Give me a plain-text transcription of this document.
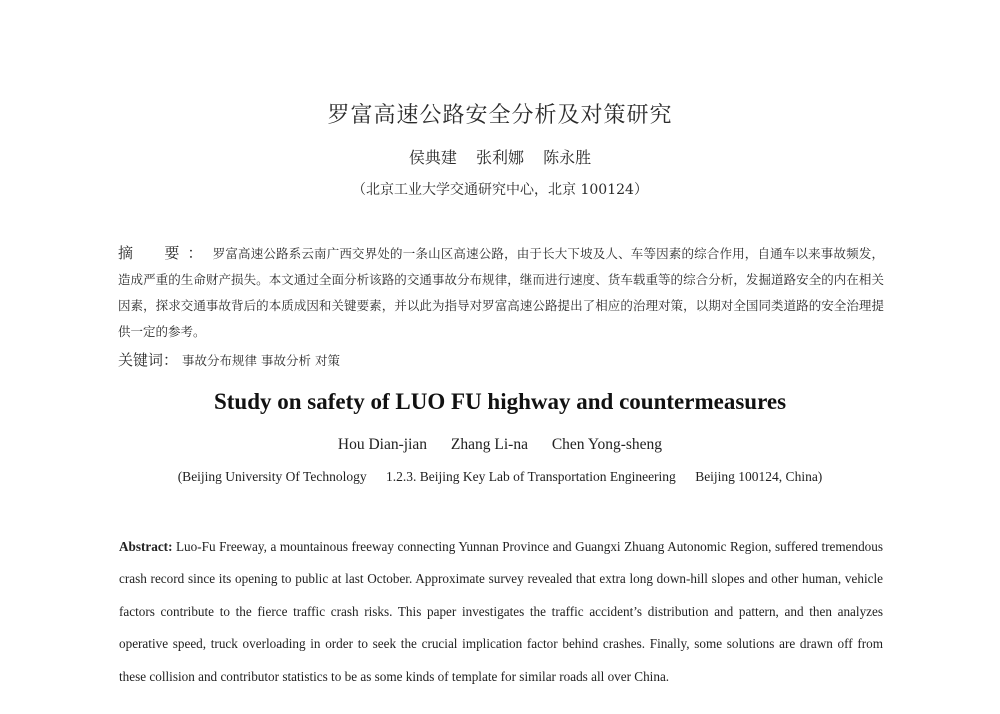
罗富高速公路安全分析及对策研究
侯典建 张利娜 陈永胜
（北京工业大学交通研究中心，北京 100124）
摘　要： 罗富高速公路系云南广西交界处的一条山区高速公路，由于长大下坡及人、车等因素的综合作用，自通车以来事故频发，造成严重的生命财产损失。本文通过全面分析该路的交通事故分布规律，继而进行速度、货车载重等的综合分析，发掘道路安全的内在相关因素，探求交通事故背后的本质成因和关键要素，并以此为指导对罗富高速公路提出了相应的治理对策，以期对全国同类道路的安全治理提供一定的参考。
关键词： 事故分布规律 事故分析 对策
Study on safety of LUO FU highway and countermeasures
Hou Dian-jian Zhang Li-na Chen Yong-sheng
(Beijing University Of Technology 1.2.3. Beijing Key Lab of Transportation Engineering Beijing 100124, China)
Abstract: Luo-Fu Freeway, a mountainous freeway connecting Yunnan Province and Guangxi Zhuang Autonomic Region, suffered tremendous crash record since its opening to public at last October. Approximate survey revealed that extra long down-hill slopes and other human, vehicle factors contribute to the fierce traffic crash risks. This paper investigates the traffic accident’s distribution and pattern, and then analyzes operative speed, truck overloading in order to seek the crucial implication factor behind crashes. Finally, some solutions are drawn off from these collision and contributor statistics to be as some kinds of template for similar roads all over China.
